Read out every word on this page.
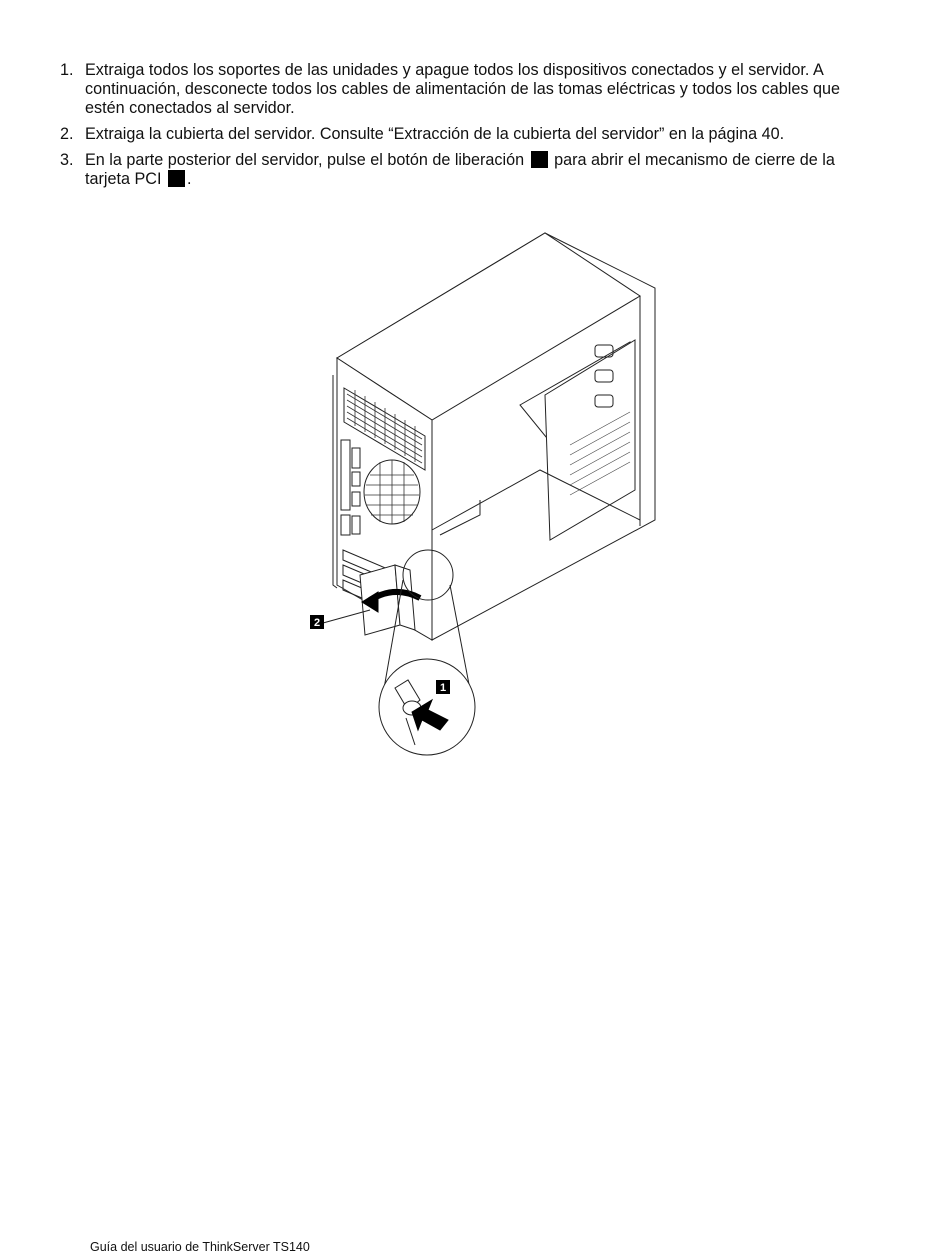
1. Extraiga todos los soportes de las unidades y apague todos los dispositivos conectados y el servidor. A continuación, desconecte todos los cables de alimentación de las tomas eléctricas y todos los cables que estén conectados al servidor.
2. Extraiga la cubierta del servidor. Consulte “Extracción de la cubierta del servidor” en la página 40.
3. En la parte posterior del servidor, pulse el botón de liberación para abrir el mecanismo de cierre de la tarjeta PCI .
2
1
Guía del usuario de ThinkServer TS140
